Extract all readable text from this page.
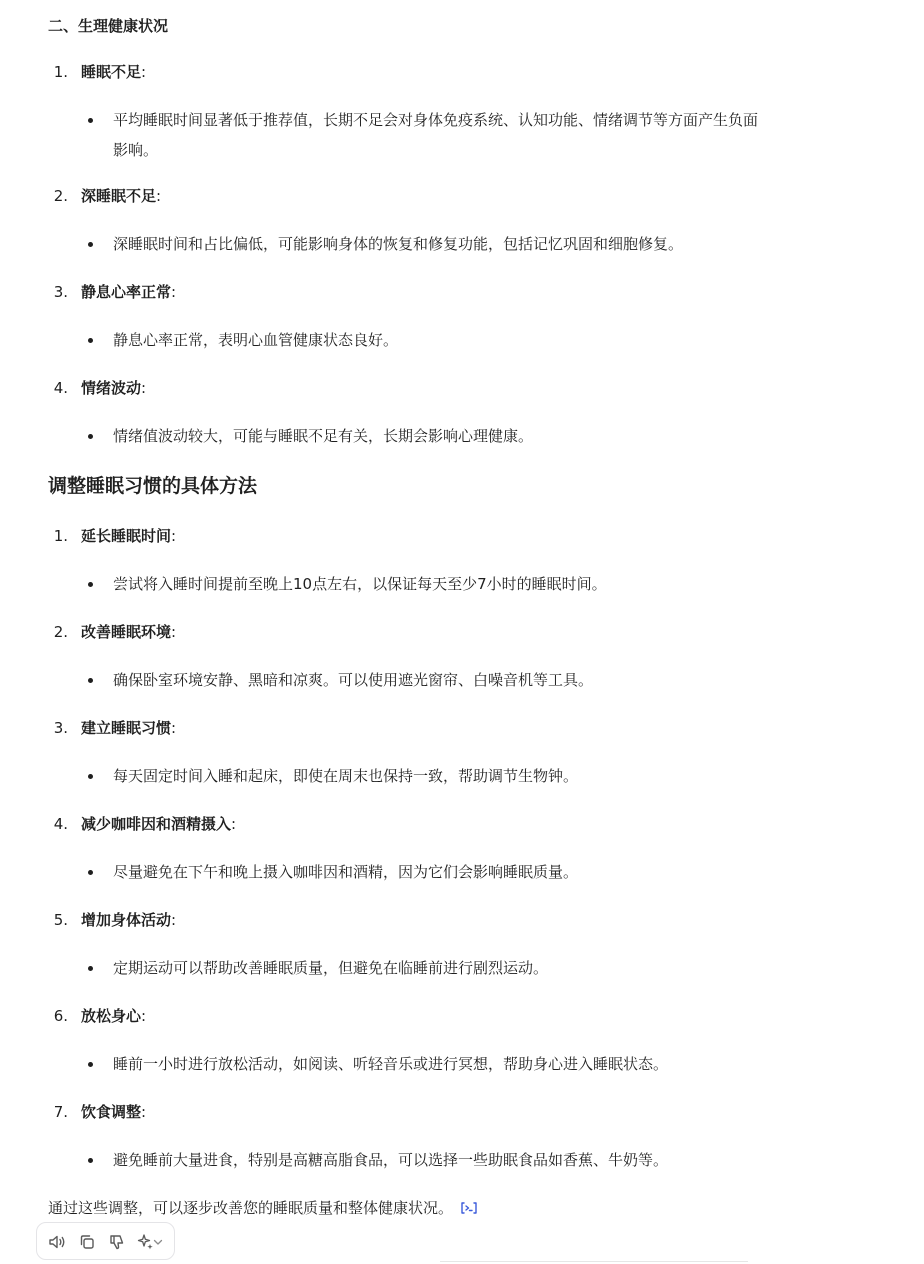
二、生理健康状况
1. 睡眠不足:
平均睡眠时间显著低于推荐值，长期不足会对身体免疫系统、认知功能、情绪调节等方面产生负面影响。
2. 深睡眠不足:
深睡眠时间和占比偏低，可能影响身体的恢复和修复功能，包括记忆巩固和细胞修复。
3. 静息心率正常:
静息心率正常，表明心血管健康状态良好。
4. 情绪波动:
情绪值波动较大，可能与睡眠不足有关，长期会影响心理健康。
调整睡眠习惯的具体方法
1. 延长睡眠时间:
尝试将入睡时间提前至晚上10点左右，以保证每天至少7小时的睡眠时间。
2. 改善睡眠环境:
确保卧室环境安静、黑暗和凉爽。可以使用遮光窗帘、白噪音机等工具。
3. 建立睡眠习惯:
每天固定时间入睡和起床，即使在周末也保持一致，帮助调节生物钟。
4. 减少咖啡因和酒精摄入:
尽量避免在下午和晚上摄入咖啡因和酒精，因为它们会影响睡眠质量。
5. 增加身体活动:
定期运动可以帮助改善睡眠质量，但避免在临睡前进行剧烈运动。
6. 放松身心:
睡前一小时进行放松活动，如阅读、听轻音乐或进行冥想，帮助身心进入睡眠状态。
7. 饮食调整:
避免睡前大量进食，特别是高糖高脂食品，可以选择一些助眠食品如香蕉、牛奶等。
通过这些调整，可以逐步改善您的睡眠质量和整体健康状况。
